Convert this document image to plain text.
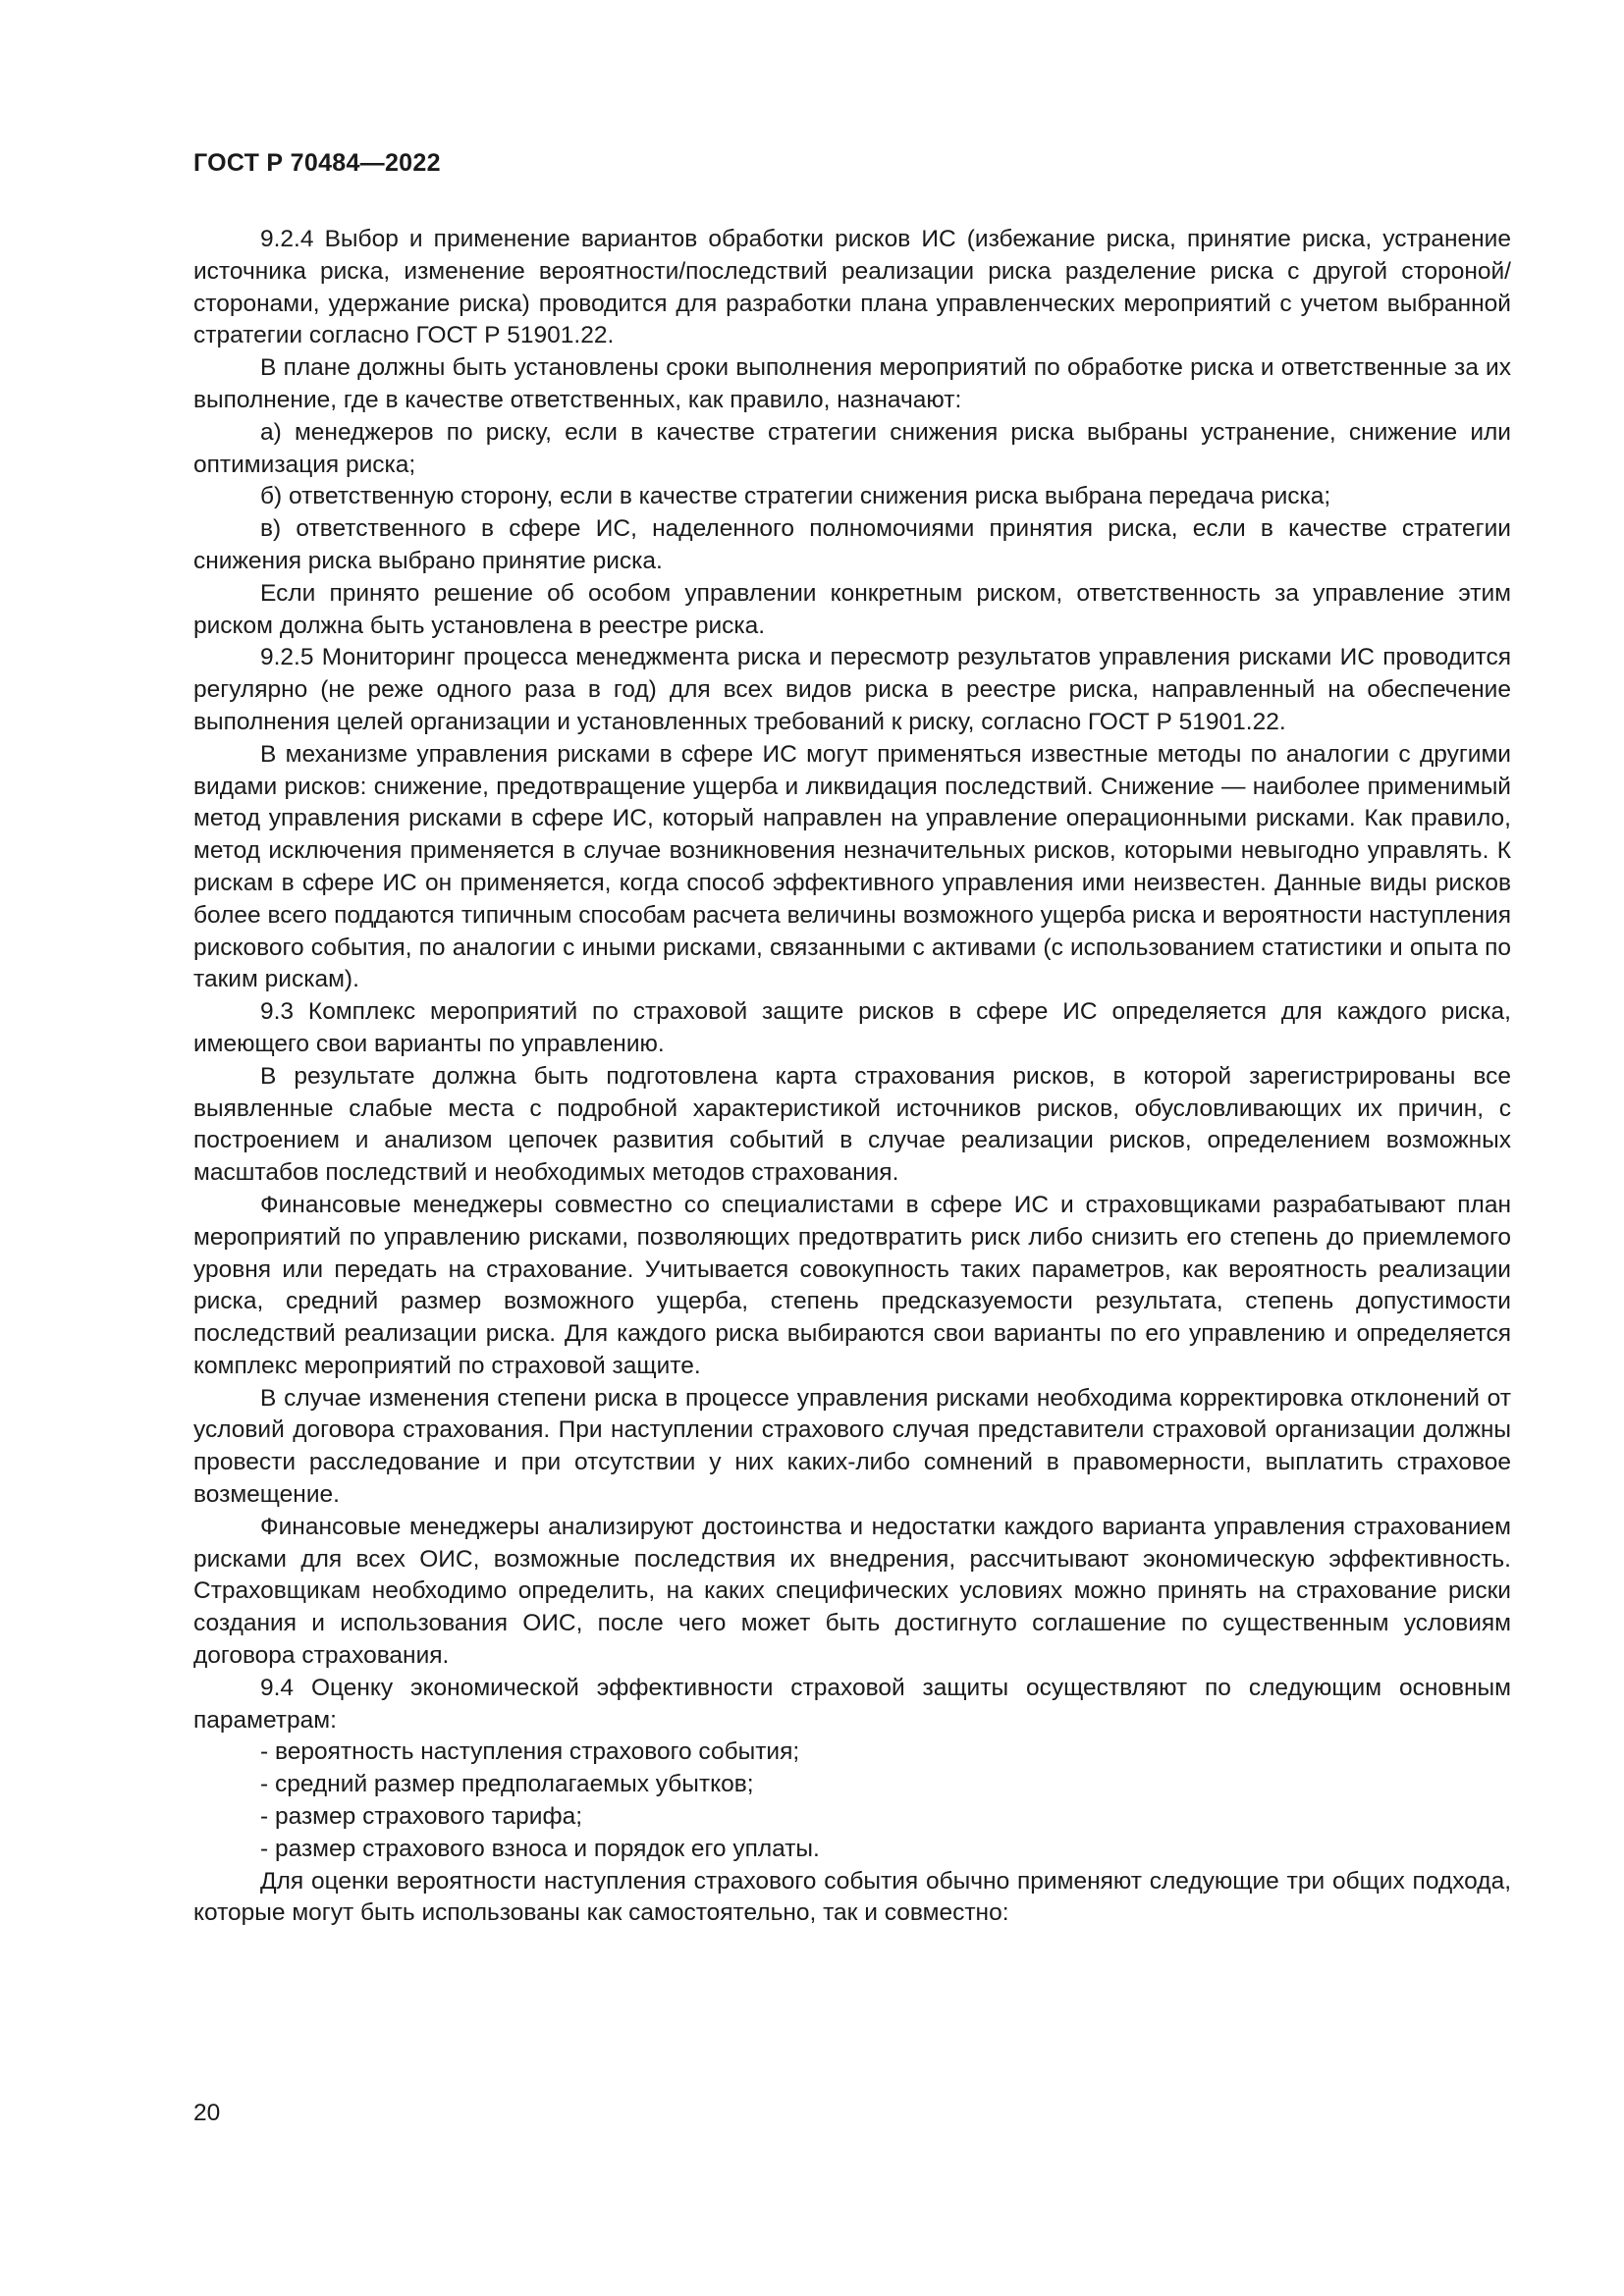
ГОСТ Р 70484—2022

9.2.4 Выбор и применение вариантов обработки рисков ИС (избежание риска, принятие риска, устранение источника риска, изменение вероятности/последствий реализации риска разделение риска с другой стороной/сторонами, удержание риска) проводится для разработки плана управленческих мероприятий с учетом выбранной стратегии согласно ГОСТ Р 51901.22.

В плане должны быть установлены сроки выполнения мероприятий по обработке риска и ответственные за их выполнение, где в качестве ответственных, как правило, назначают:

а) менеджеров по риску, если в качестве стратегии снижения риска выбраны устранение, снижение или оптимизация риска;

б) ответственную сторону, если в качестве стратегии снижения риска выбрана передача риска;

в) ответственного в сфере ИС, наделенного полномочиями принятия риска, если в качестве стратегии снижения риска выбрано принятие риска.

Если принято решение об особом управлении конкретным риском, ответственность за управление этим риском должна быть установлена в реестре риска.

9.2.5 Мониторинг процесса менеджмента риска и пересмотр результатов управления рисками ИС проводится регулярно (не реже одного раза в год) для всех видов риска в реестре риска, направленный на обеспечение выполнения целей организации и установленных требований к риску, согласно ГОСТ Р 51901.22.

В механизме управления рисками в сфере ИС могут применяться известные методы по аналогии с другими видами рисков: снижение, предотвращение ущерба и ликвидация последствий. Снижение — наиболее применимый метод управления рисками в сфере ИС, который направлен на управление операционными рисками. Как правило, метод исключения применяется в случае возникновения незначительных рисков, которыми невыгодно управлять. К рискам в сфере ИС он применяется, когда способ эффективного управления ими неизвестен. Данные виды рисков более всего поддаются типичным способам расчета величины возможного ущерба риска и вероятности наступления рискового события, по аналогии с иными рисками, связанными с активами (с использованием статистики и опыта по таким рискам).

9.3 Комплекс мероприятий по страховой защите рисков в сфере ИС определяется для каждого риска, имеющего свои варианты по управлению.

В результате должна быть подготовлена карта страхования рисков, в которой зарегистрированы все выявленные слабые места с подробной характеристикой источников рисков, обусловливающих их причин, с построением и анализом цепочек развития событий в случае реализации рисков, определением возможных масштабов последствий и необходимых методов страхования.

Финансовые менеджеры совместно со специалистами в сфере ИС и страховщиками разрабатывают план мероприятий по управлению рисками, позволяющих предотвратить риск либо снизить его степень до приемлемого уровня или передать на страхование. Учитывается совокупность таких параметров, как вероятность реализации риска, средний размер возможного ущерба, степень предсказуемости результата, степень допустимости последствий реализации риска. Для каждого риска выбираются свои варианты по его управлению и определяется комплекс мероприятий по страховой защите.

В случае изменения степени риска в процессе управления рисками необходима корректировка отклонений от условий договора страхования. При наступлении страхового случая представители страховой организации должны провести расследование и при отсутствии у них каких-либо сомнений в правомерности, выплатить страховое возмещение.

Финансовые менеджеры анализируют достоинства и недостатки каждого варианта управления страхованием рисками для всех ОИС, возможные последствия их внедрения, рассчитывают экономическую эффективность. Страховщикам необходимо определить, на каких специфических условиях можно принять на страхование риски создания и использования ОИС, после чего может быть достигнуто соглашение по существенным условиям договора страхования.

9.4 Оценку экономической эффективности страховой защиты осуществляют по следующим основным параметрам:

- вероятность наступления страхового события;

- средний размер предполагаемых убытков;

- размер страхового тарифа;

- размер страхового взноса и порядок его уплаты.

Для оценки вероятности наступления страхового события обычно применяют следующие три общих подхода, которые могут быть использованы как самостоятельно, так и совместно:

20
